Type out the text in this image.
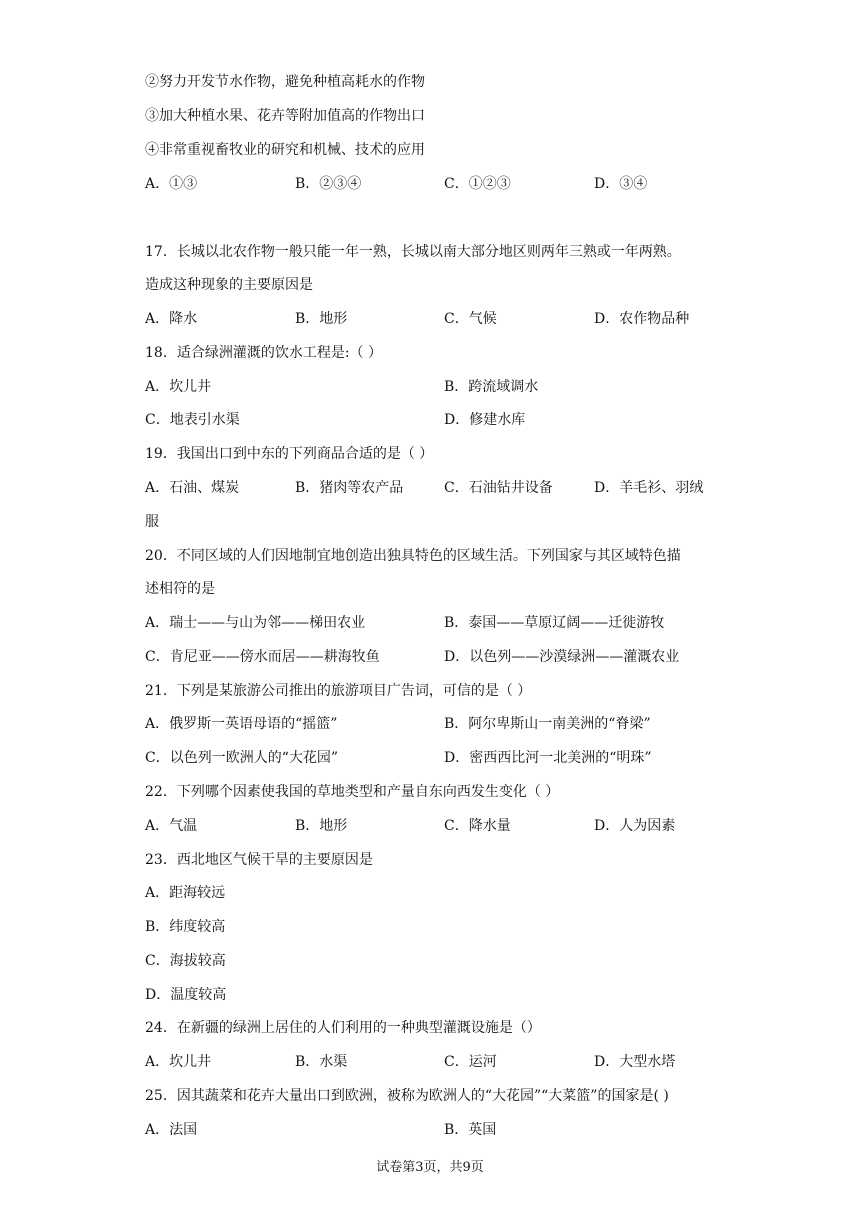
②努力开发节水作物，避免种植高耗水的作物
③加大种植水果、花卉等附加值高的作物出口
④非常重视畜牧业的研究和机械、技术的应用
A．①③	B．②③④	C．①②③	D．③④
17．长城以北农作物一般只能一年一熟，长城以南大部分地区则两年三熟或一年两熟。
造成这种现象的主要原因是
A．降水	B．地形	C．气候	D．农作物品种
18．适合绿洲灌溉的饮水工程是:（ ）
A．坎儿井	B．跨流域调水
C．地表引水渠	D．修建水库
19．我国出口到中东的下列商品合适的是（ ）
A．石油、煤炭	B．猪肉等农产品	C．石油钻井设备	D．羊毛衫、羽绒
服
20．不同区域的人们因地制宜地创造出独具特色的区域生活。下列国家与其区域特色描
述相符的是
A．瑞士——与山为邻——梯田农业	B．泰国——草原辽阔——迁徙游牧
C．肯尼亚——傍水而居——耕海牧鱼	D．以色列——沙漠绿洲——灌溉农业
21．下列是某旅游公司推出的旅游项目广告词，可信的是（ ）
A．俄罗斯一英语母语的“摇篮”	B．阿尔卑斯山一南美洲的“脊梁”
C．以色列一欧洲人的“大花园”	D．密西西比河一北美洲的“明珠”
22．下列哪个因素使我国的草地类型和产量自东向西发生变化（ ）
A．气温	B．地形	C．降水量	D．人为因素
23．西北地区气候干旱的主要原因是
A．距海较远
B．纬度较高
C．海拔较高
D．温度较高
24．在新疆的绿洲上居住的人们利用的一种典型灌溉设施是（）
A．坎儿井	B．水渠	C．运河	D．大型水塔
25．因其蔬菜和花卉大量出口到欧洲，被称为欧洲人的“大花园”“大菜篮”的国家是( )
A．法国	B．英国
试卷第3页，共9页
